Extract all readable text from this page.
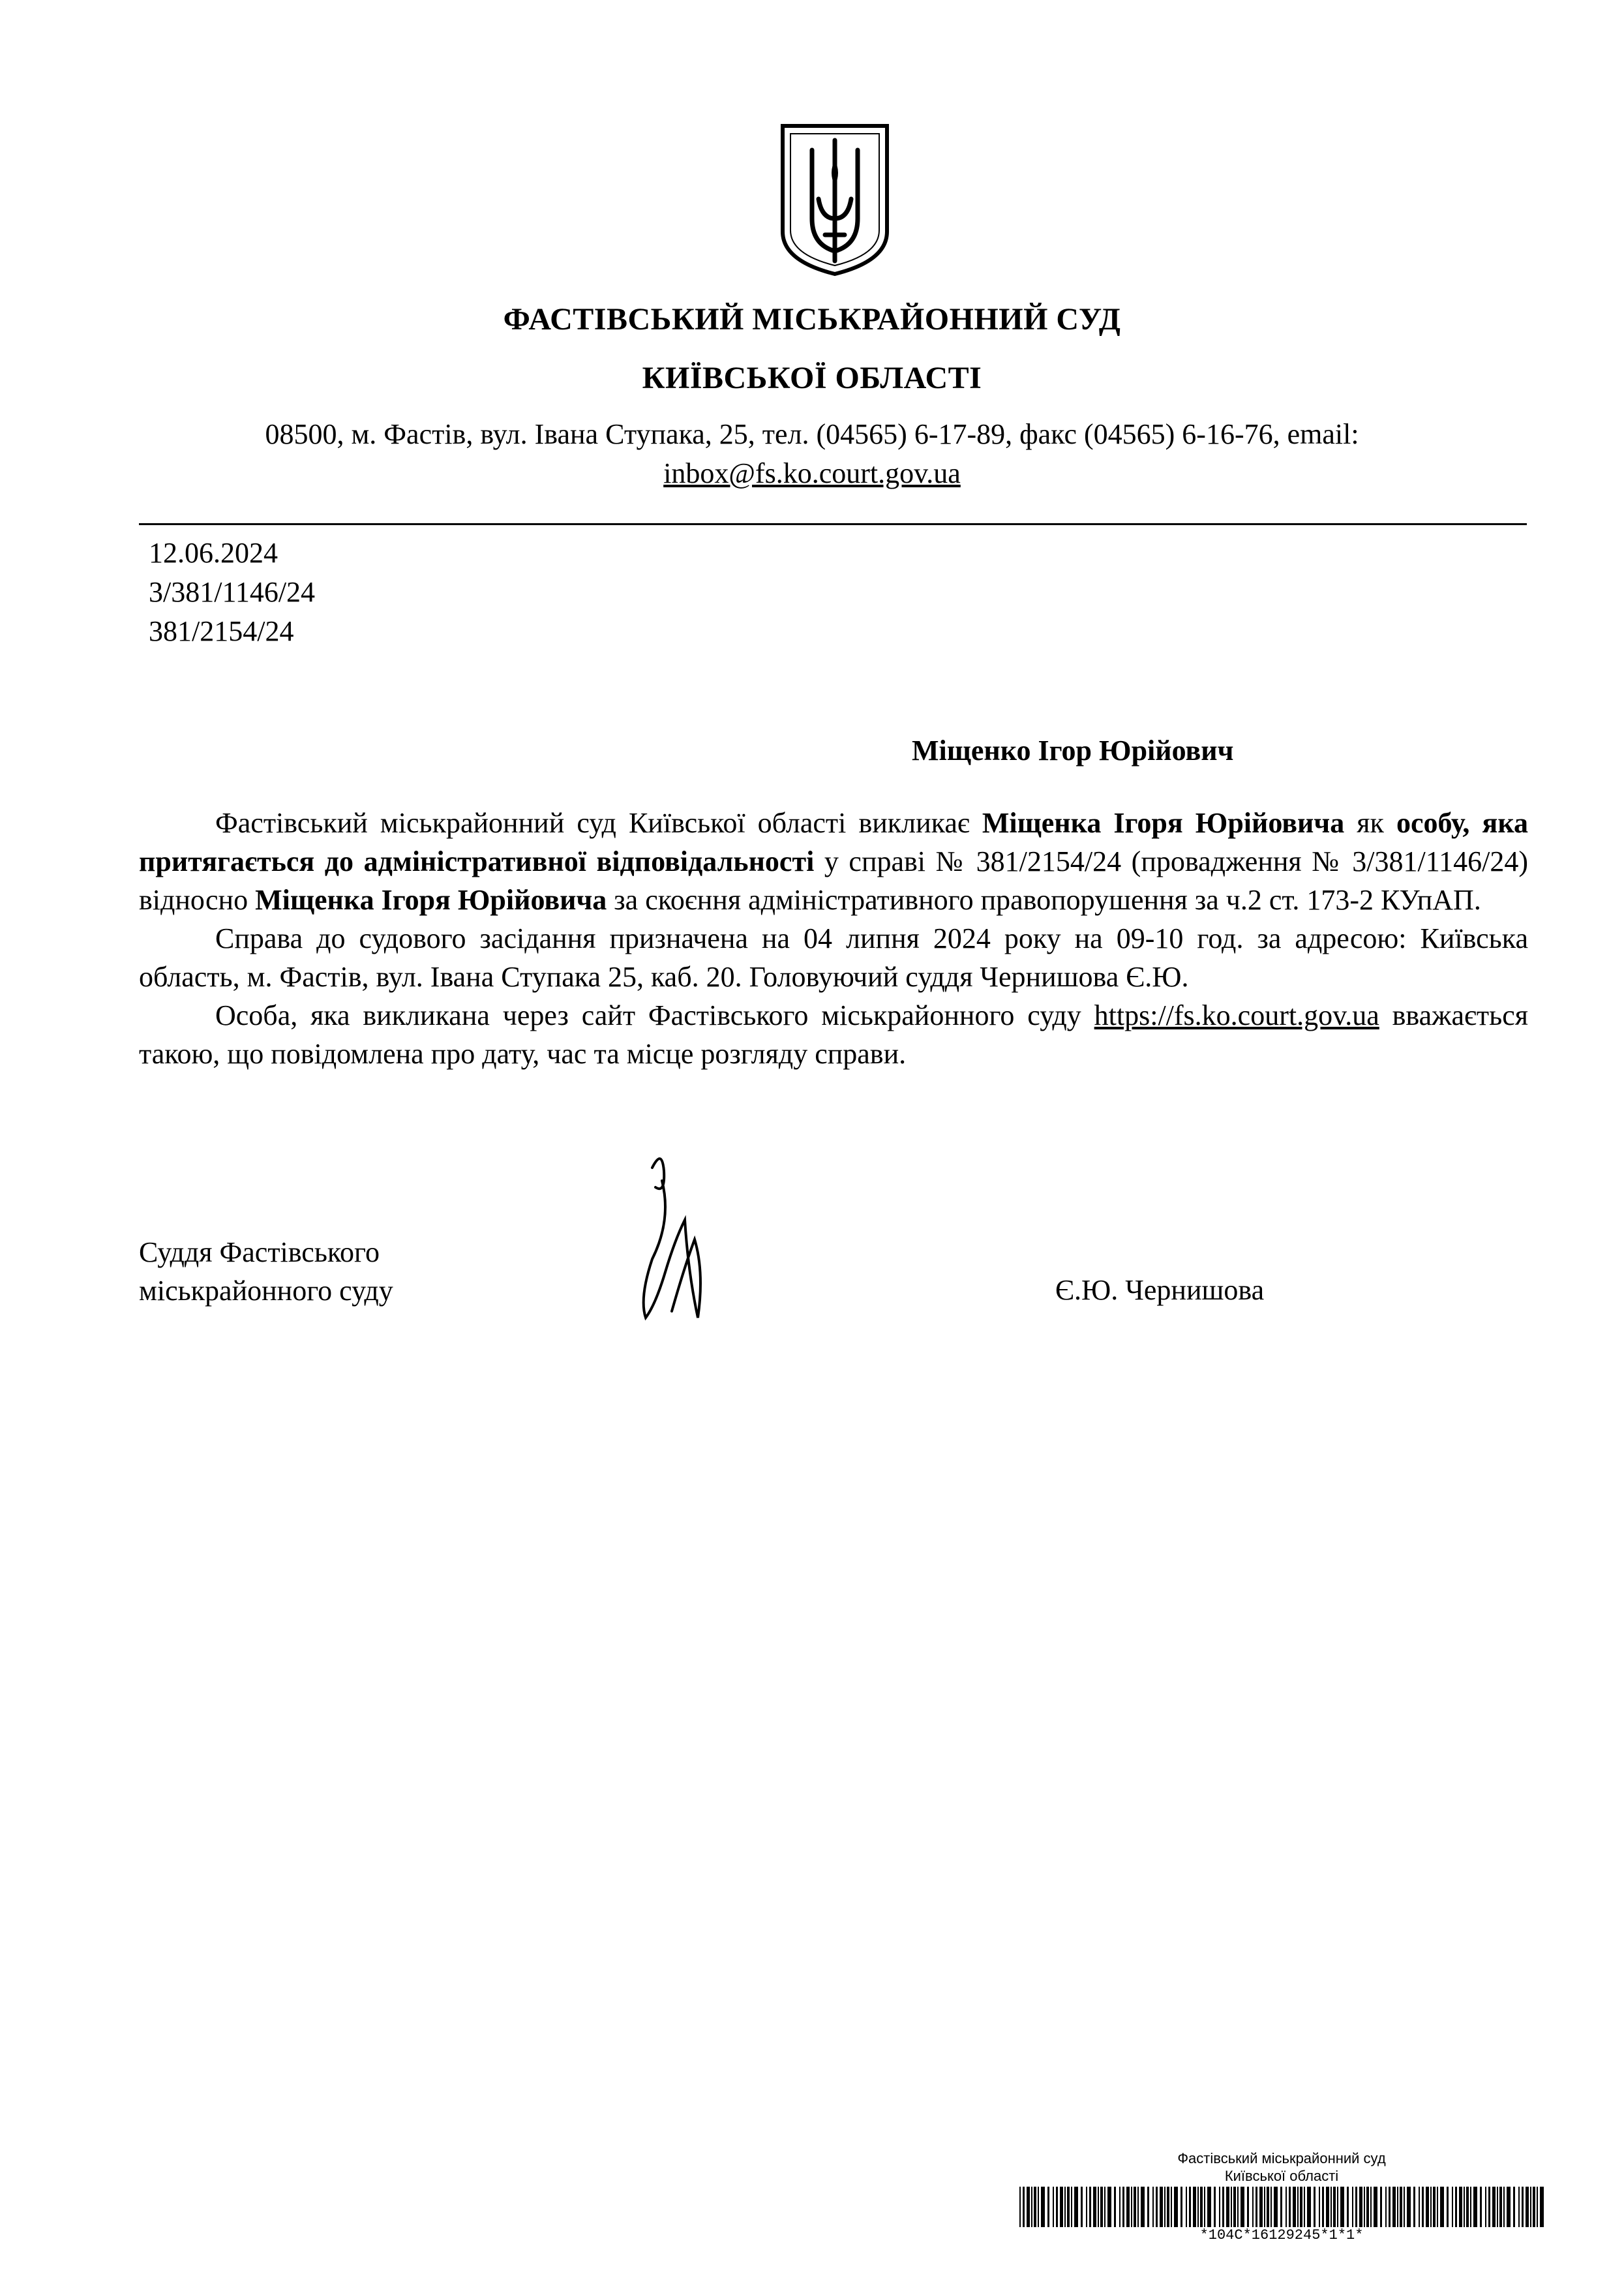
ФАСТІВСЬКИЙ МІСЬКРАЙОННИЙ СУД
КИЇВСЬКОЇ ОБЛАСТІ
08500, м. Фастів, вул. Івана Ступака, 25, тел. (04565) 6-17-89, факс (04565) 6-16-76, email:
inbox@fs.ko.court.gov.ua
12.06.2024
3/381/1146/24
381/2154/24
Міщенко Ігор Юрійович

Фастівський міськрайонний суд Київської області викликає Міщенка Ігоря Юрійовича як особу, яка притягається до адміністративної відповідальності у справі № 381/2154/24 (провадження № 3/381/1146/24) відносно Міщенка Ігоря Юрійовича за скоєння адміністративного правопорушення за ч.2 ст. 173-2 КУпАП.

Справа до судового засідання призначена на 04 липня 2024 року на 09-10 год. за адресою: Київська область, м. Фастів, вул. Івана Ступака 25, каб. 20. Головуючий суддя Чернишова Є.Ю.

Особа, яка викликана через сайт Фастівського міськрайонного суду https://fs.ko.court.gov.ua вважається такою, що повідомлена про дату, час та місце розгляду справи.

Суддя Фастівського
міськрайонного суду	Є.Ю. Чернишова
Фастівський міськрайонний суд
Київської області
*104С*16129245*1*1*
